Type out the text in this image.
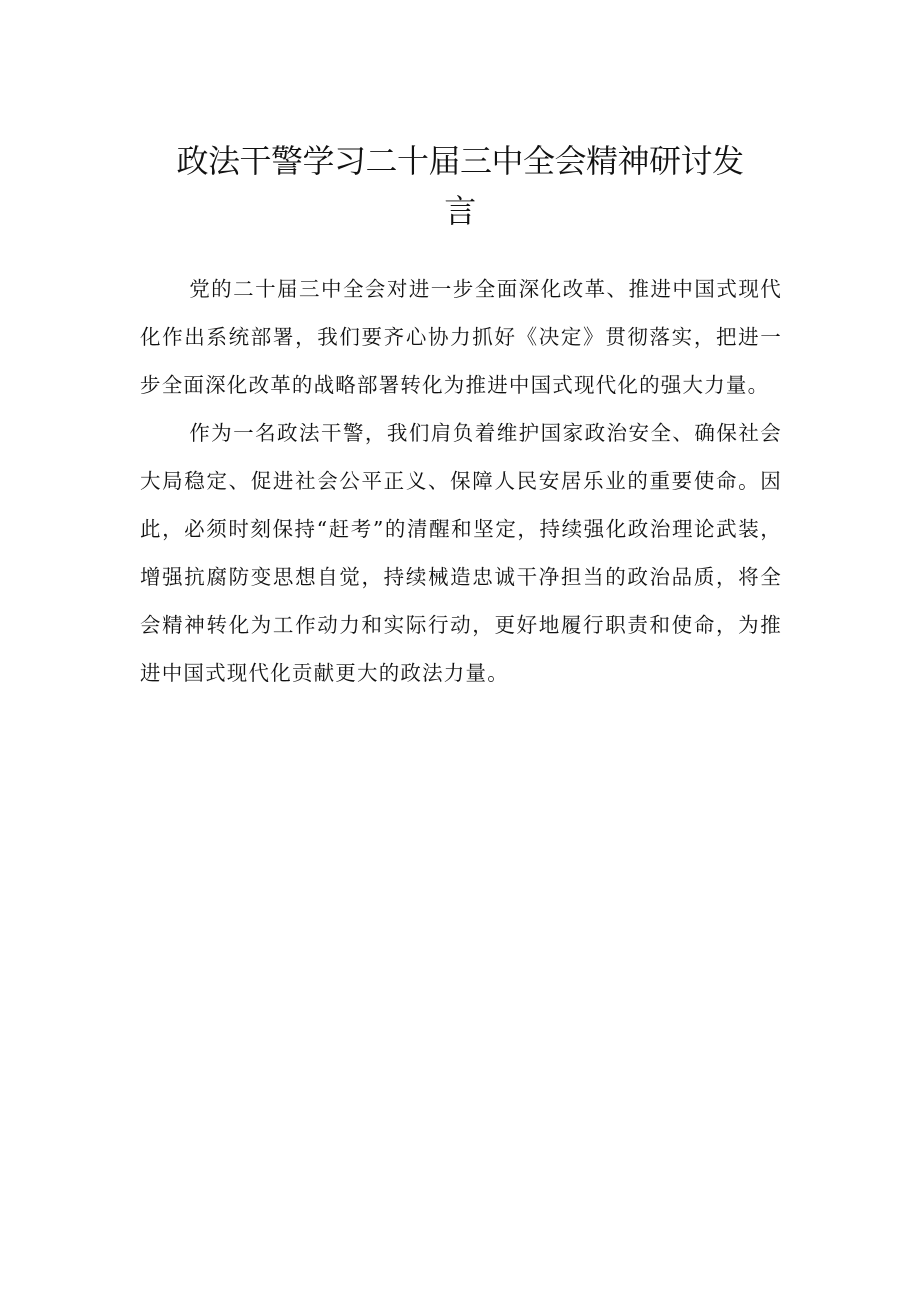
政法干警学习二十届三中全会精神研讨发言

党的二十届三中全会对进一步全面深化改革、推进中国式现代化作出系统部署，我们要齐心协力抓好《决定》贯彻落实，把进一步全面深化改革的战略部署转化为推进中国式现代化的强大力量。

作为一名政法干警，我们肩负着维护国家政治安全、确保社会大局稳定、促进社会公平正义、保障人民安居乐业的重要使命。因此，必须时刻保持“赶考”的清醒和坚定，持续强化政治理论武装，增强抗腐防变思想自觉，持续械造忠诚干净担当的政治品质，将全会精神转化为工作动力和实际行动，更好地履行职责和使命，为推进中国式现代化贡献更大的政法力量。
